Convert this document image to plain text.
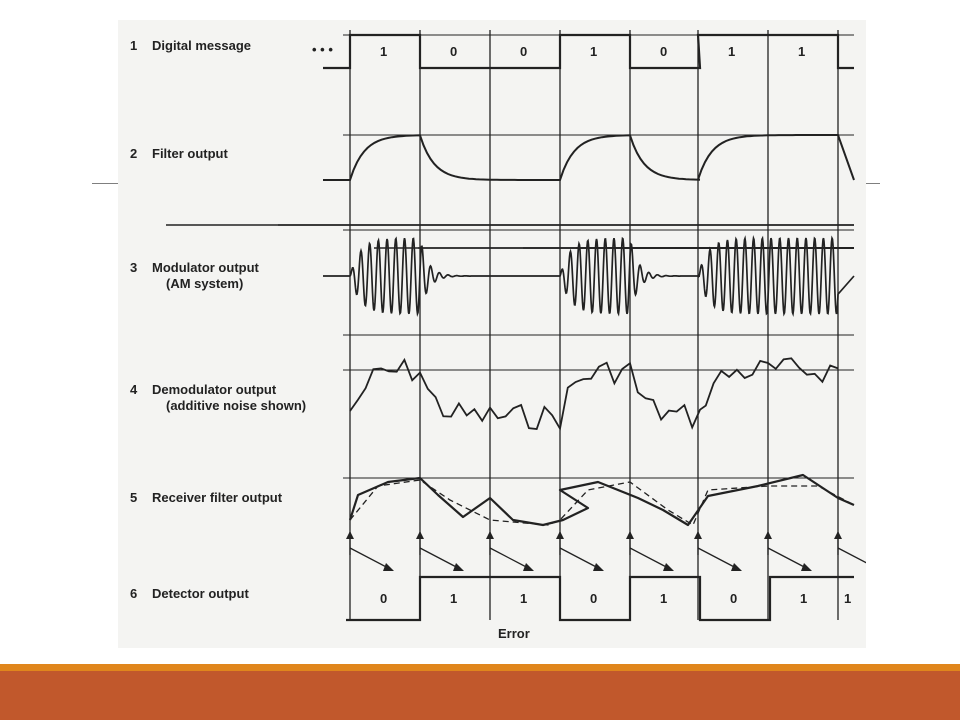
1 Digital message
2 Filter output
3 Modulator output
(AM system)
4 Demodulator output
(additive noise shown)
5 Receiver filter output
6 Detector output
• • •	1	0	0	1	0	1	1
0	1	1	0	1	0	1	1
Error
